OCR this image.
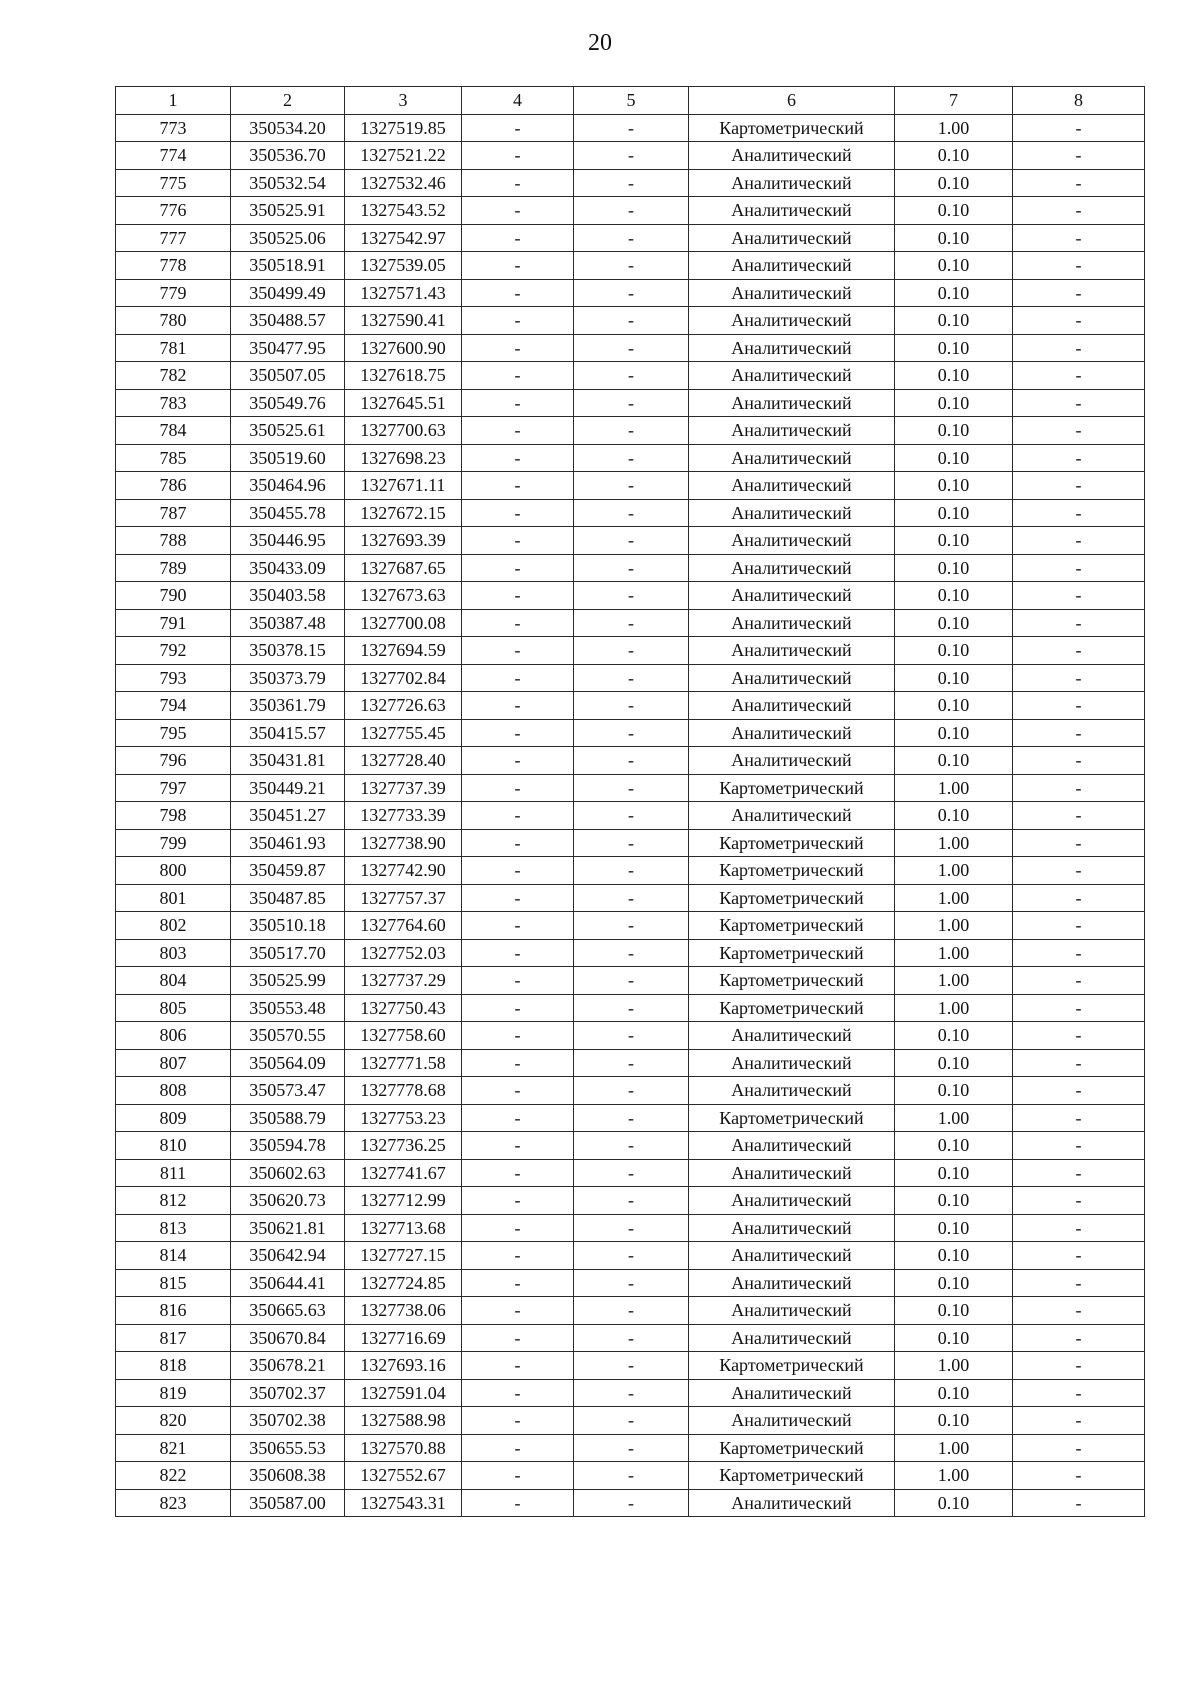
20
1	2	3	4	5	6	7	8
773	350534.20	1327519.85	-	-	Картометрический	1.00	-
774	350536.70	1327521.22	-	-	Аналитический	0.10	-
775	350532.54	1327532.46	-	-	Аналитический	0.10	-
776	350525.91	1327543.52	-	-	Аналитический	0.10	-
777	350525.06	1327542.97	-	-	Аналитический	0.10	-
778	350518.91	1327539.05	-	-	Аналитический	0.10	-
779	350499.49	1327571.43	-	-	Аналитический	0.10	-
780	350488.57	1327590.41	-	-	Аналитический	0.10	-
781	350477.95	1327600.90	-	-	Аналитический	0.10	-
782	350507.05	1327618.75	-	-	Аналитический	0.10	-
783	350549.76	1327645.51	-	-	Аналитический	0.10	-
784	350525.61	1327700.63	-	-	Аналитический	0.10	-
785	350519.60	1327698.23	-	-	Аналитический	0.10	-
786	350464.96	1327671.11	-	-	Аналитический	0.10	-
787	350455.78	1327672.15	-	-	Аналитический	0.10	-
788	350446.95	1327693.39	-	-	Аналитический	0.10	-
789	350433.09	1327687.65	-	-	Аналитический	0.10	-
790	350403.58	1327673.63	-	-	Аналитический	0.10	-
791	350387.48	1327700.08	-	-	Аналитический	0.10	-
792	350378.15	1327694.59	-	-	Аналитический	0.10	-
793	350373.79	1327702.84	-	-	Аналитический	0.10	-
794	350361.79	1327726.63	-	-	Аналитический	0.10	-
795	350415.57	1327755.45	-	-	Аналитический	0.10	-
796	350431.81	1327728.40	-	-	Аналитический	0.10	-
797	350449.21	1327737.39	-	-	Картометрический	1.00	-
798	350451.27	1327733.39	-	-	Аналитический	0.10	-
799	350461.93	1327738.90	-	-	Картометрический	1.00	-
800	350459.87	1327742.90	-	-	Картометрический	1.00	-
801	350487.85	1327757.37	-	-	Картометрический	1.00	-
802	350510.18	1327764.60	-	-	Картометрический	1.00	-
803	350517.70	1327752.03	-	-	Картометрический	1.00	-
804	350525.99	1327737.29	-	-	Картометрический	1.00	-
805	350553.48	1327750.43	-	-	Картометрический	1.00	-
806	350570.55	1327758.60	-	-	Аналитический	0.10	-
807	350564.09	1327771.58	-	-	Аналитический	0.10	-
808	350573.47	1327778.68	-	-	Аналитический	0.10	-
809	350588.79	1327753.23	-	-	Картометрический	1.00	-
810	350594.78	1327736.25	-	-	Аналитический	0.10	-
811	350602.63	1327741.67	-	-	Аналитический	0.10	-
812	350620.73	1327712.99	-	-	Аналитический	0.10	-
813	350621.81	1327713.68	-	-	Аналитический	0.10	-
814	350642.94	1327727.15	-	-	Аналитический	0.10	-
815	350644.41	1327724.85	-	-	Аналитический	0.10	-
816	350665.63	1327738.06	-	-	Аналитический	0.10	-
817	350670.84	1327716.69	-	-	Аналитический	0.10	-
818	350678.21	1327693.16	-	-	Картометрический	1.00	-
819	350702.37	1327591.04	-	-	Аналитический	0.10	-
820	350702.38	1327588.98	-	-	Аналитический	0.10	-
821	350655.53	1327570.88	-	-	Картометрический	1.00	-
822	350608.38	1327552.67	-	-	Картометрический	1.00	-
823	350587.00	1327543.31	-	-	Аналитический	0.10	-
